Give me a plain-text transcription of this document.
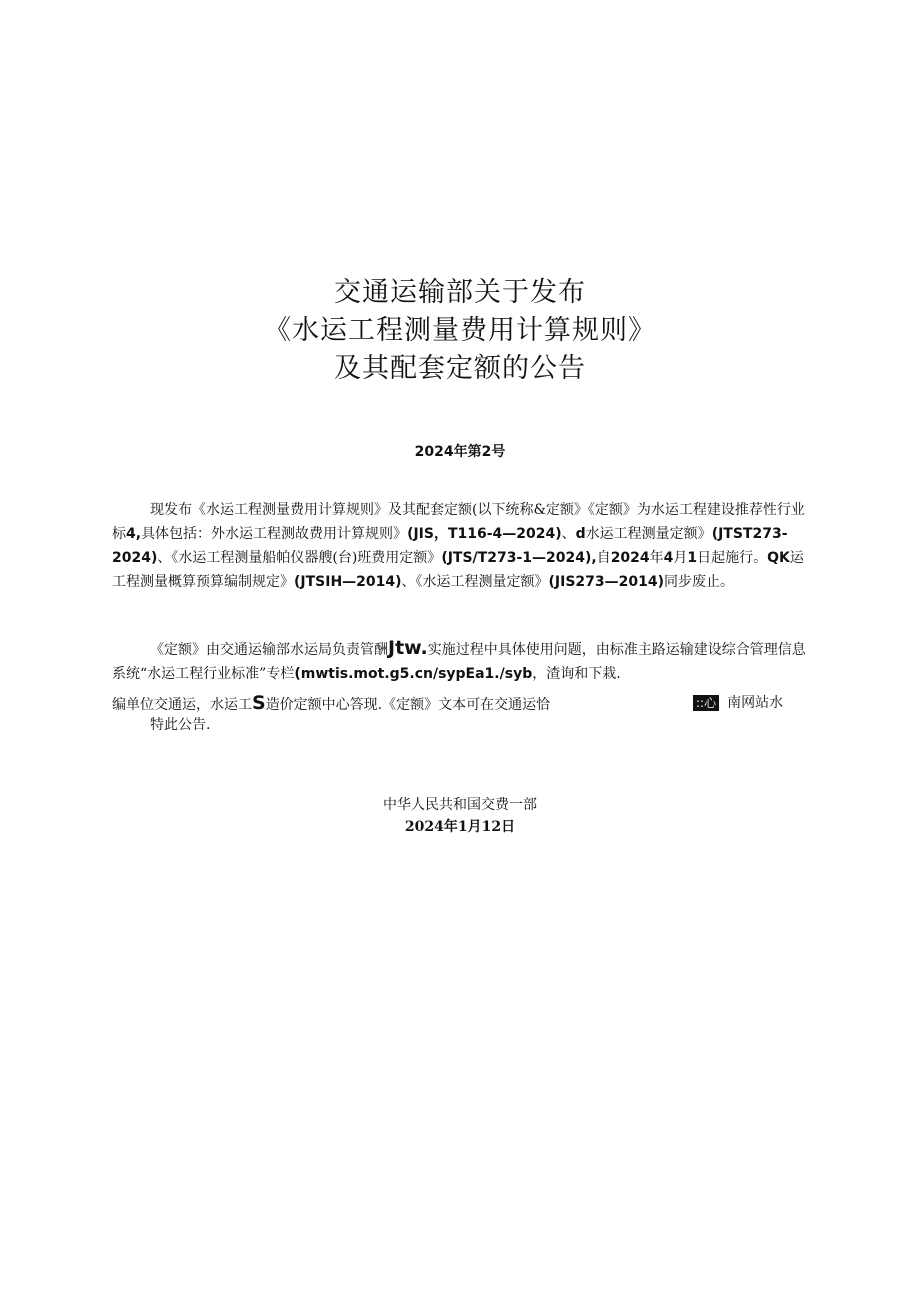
交通运输部关于发布
《水运工程测量费用计算规则》
及其配套定额的公告
2024年第2号

现发布《水运工程测量费用计算规则》及其配套定额(以下统称&定额》《定额》为水运工程建设推荐性行业标4,具体包括：外水运工程测故费用计算规则》(JIS，T116-4—2024)、d水运工程测量定额》(JTST273-2024)、《水运工程测量船帕仪器艘(台)班费用定额》(JTS/T273-1—2024),自2024年4月1日起施行。QK运工程测量概算预算编制规定》(JTSIH—2014)、《水运工程测量定额》(JIS273—2014)同步废止。

《定额》由交通运输部水运局负责管酬Jtw.实施过程中具体使用问题，由标准主路运输建设综合管理信息系统“水运工程行业标准”专栏(mwtis.mot.g5.cn/sypEa1./syb，渣询和下栽.

编单位交通运，水运工S造价定额中心答现.《定额》文本可在交通运恰	::心 南网站水
特此公告.
中华人民共和国交费一部
2024年1月12日
